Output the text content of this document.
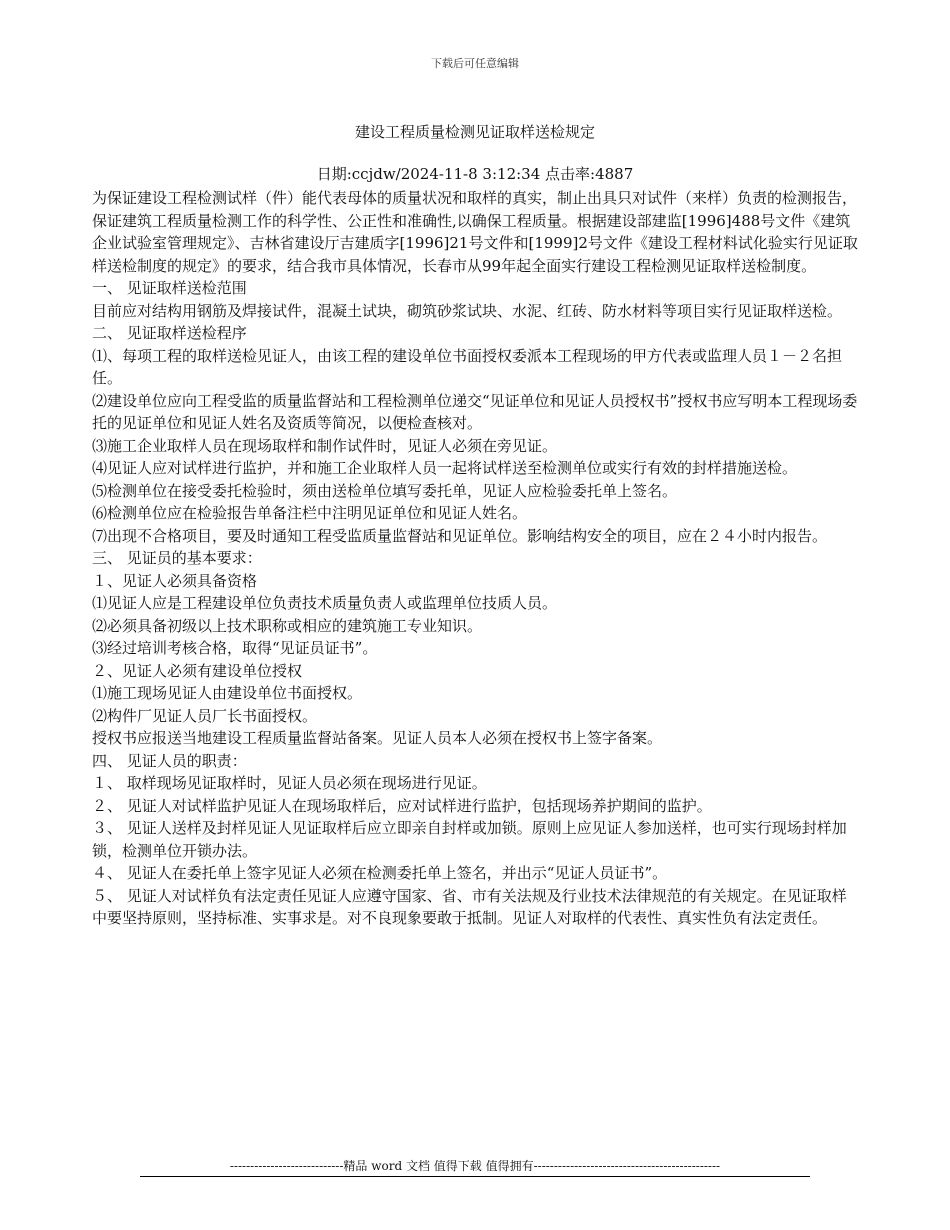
下载后可任意编辑
建设工程质量检测见证取样送检规定
日期:ccjdw/2024-11-8 3:12:34 点击率:4887

为保证建设工程检测试样（件）能代表母体的质量状况和取样的真实，制止出具只对试件（来样）负责的检测报告，保证建筑工程质量检测工作的科学性、公正性和准确性,以确保工程质量。根据建设部建监[1996]488号文件《建筑企业试验室管理规定》、吉林省建设厅吉建质字[1996]21号文件和[1999]2号文件《建设工程材料试化验实行见证取样送检制度的规定》的要求，结合我市具体情况，长春市从99年起全面实行建设工程检测见证取样送检制度。

一、 见证取样送检范围

目前应对结构用钢筋及焊接试件，混凝土试块，砌筑砂浆试块、水泥、红砖、防水材料等项目实行见证取样送检。

二、 见证取样送检程序

⑴、每项工程的取样送检见证人，由该工程的建设单位书面授权委派本工程现场的甲方代表或监理人员１－２名担任。

⑵建设单位应向工程受监的质量监督站和工程检测单位递交“见证单位和见证人员授权书”授权书应写明本工程现场委托的见证单位和见证人姓名及资质等简况，以便检查核对。

⑶施工企业取样人员在现场取样和制作试件时，见证人必须在旁见证。

⑷见证人应对试样进行监护，并和施工企业取样人员一起将试样送至检测单位或实行有效的封样措施送检。

⑸检测单位在接受委托检验时，须由送检单位填写委托单，见证人应检验委托单上签名。

⑹检测单位应在检验报告单备注栏中注明见证单位和见证人姓名。

⑺出现不合格项目，要及时通知工程受监质量监督站和见证单位。影响结构安全的项目，应在２４小时内报告。

三、 见证员的基本要求：

１、见证人必须具备资格

⑴见证人应是工程建设单位负责技术质量负责人或监理单位技质人员。

⑵必须具备初级以上技术职称或相应的建筑施工专业知识。

⑶经过培训考核合格，取得“见证员证书”。

２、见证人必须有建设单位授权

⑴施工现场见证人由建设单位书面授权。

⑵构件厂见证人员厂长书面授权。

授权书应报送当地建设工程质量监督站备案。见证人员本人必须在授权书上签字备案。

四、 见证人员的职责：

１、 取样现场见证取样时，见证人员必须在现场进行见证。

２、 见证人对试样监护见证人在现场取样后，应对试样进行监护，包括现场养护期间的监护。

３、 见证人送样及封样见证人见证取样后应立即亲自封样或加锁。原则上应见证人参加送样，也可实行现场封样加锁，检测单位开锁办法。

４、 见证人在委托单上签字见证人必须在检测委托单上签名，并出示“见证人员证书”。

５、 见证人对试样负有法定责任见证人应遵守国家、省、市有关法规及行业技术法律规范的有关规定。在见证取样中要坚持原则，坚持标准、实事求是。对不良现象要敢于抵制。见证人对取样的代表性、真实性负有法定责任。

----------------------------精品 word 文档 值得下载 值得拥有----------------------------------------------
